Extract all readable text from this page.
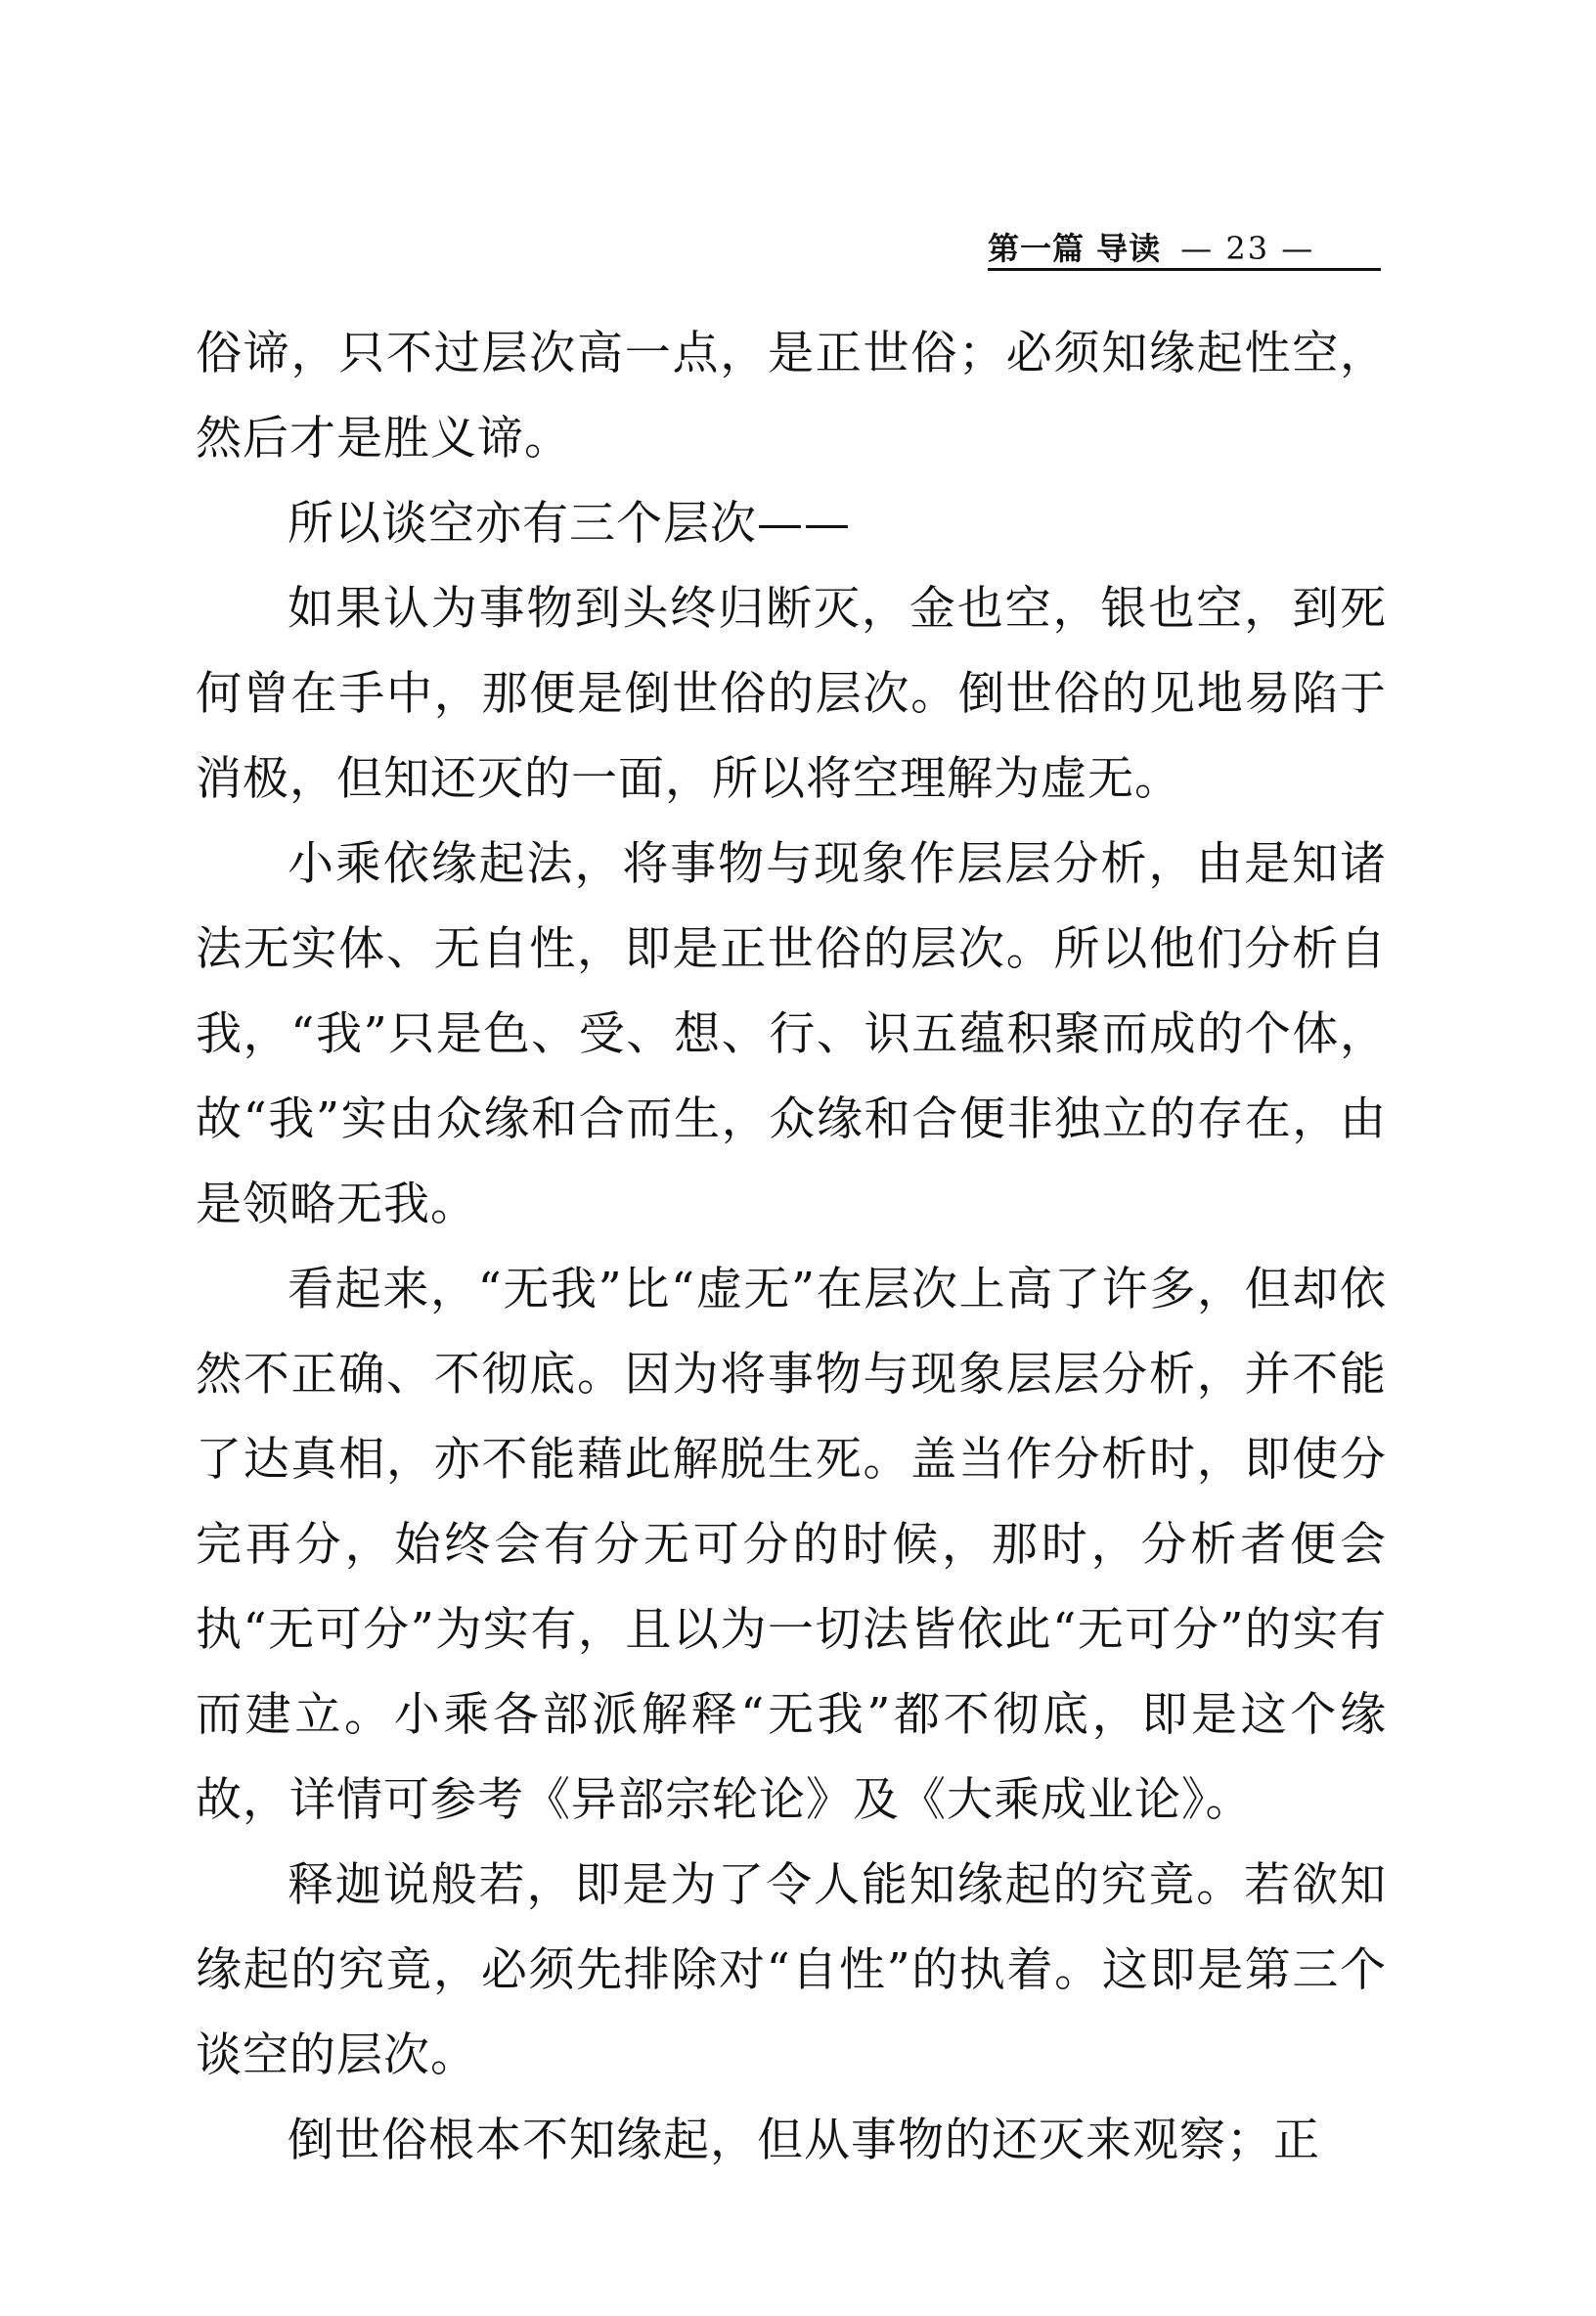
第一篇 导读 — 23 —

俗谛，只不过层次高一点，是正世俗；必须知缘起性空，然后才是胜义谛。

所以谈空亦有三个层次——

如果认为事物到头终归断灭，金也空，银也空，到死何曾在手中，那便是倒世俗的层次。倒世俗的见地易陷于消极，但知还灭的一面，所以将空理解为虚无。

小乘依缘起法，将事物与现象作层层分析，由是知诸法无实体、无自性，即是正世俗的层次。所以他们分析自我，“我”只是色、受、想、行、识五蕴积聚而成的个体，故“我”实由众缘和合而生，众缘和合便非独立的存在，由是领略无我。

看起来，“无我”比“虚无”在层次上高了许多，但却依然不正确、不彻底。因为将事物与现象层层分析，并不能了达真相，亦不能藉此解脱生死。盖当作分析时，即使分完再分，始终会有分无可分的时候，那时，分析者便会执“无可分”为实有，且以为一切法皆依此“无可分”的实有而建立。小乘各部派解释“无我”都不彻底，即是这个缘故，详情可参考《异部宗轮论》及《大乘成业论》。

释迦说般若，即是为了令人能知缘起的究竟。若欲知缘起的究竟，必须先排除对“自性”的执着。这即是第三个谈空的层次。

倒世俗根本不知缘起，但从事物的还灭来观察；正
